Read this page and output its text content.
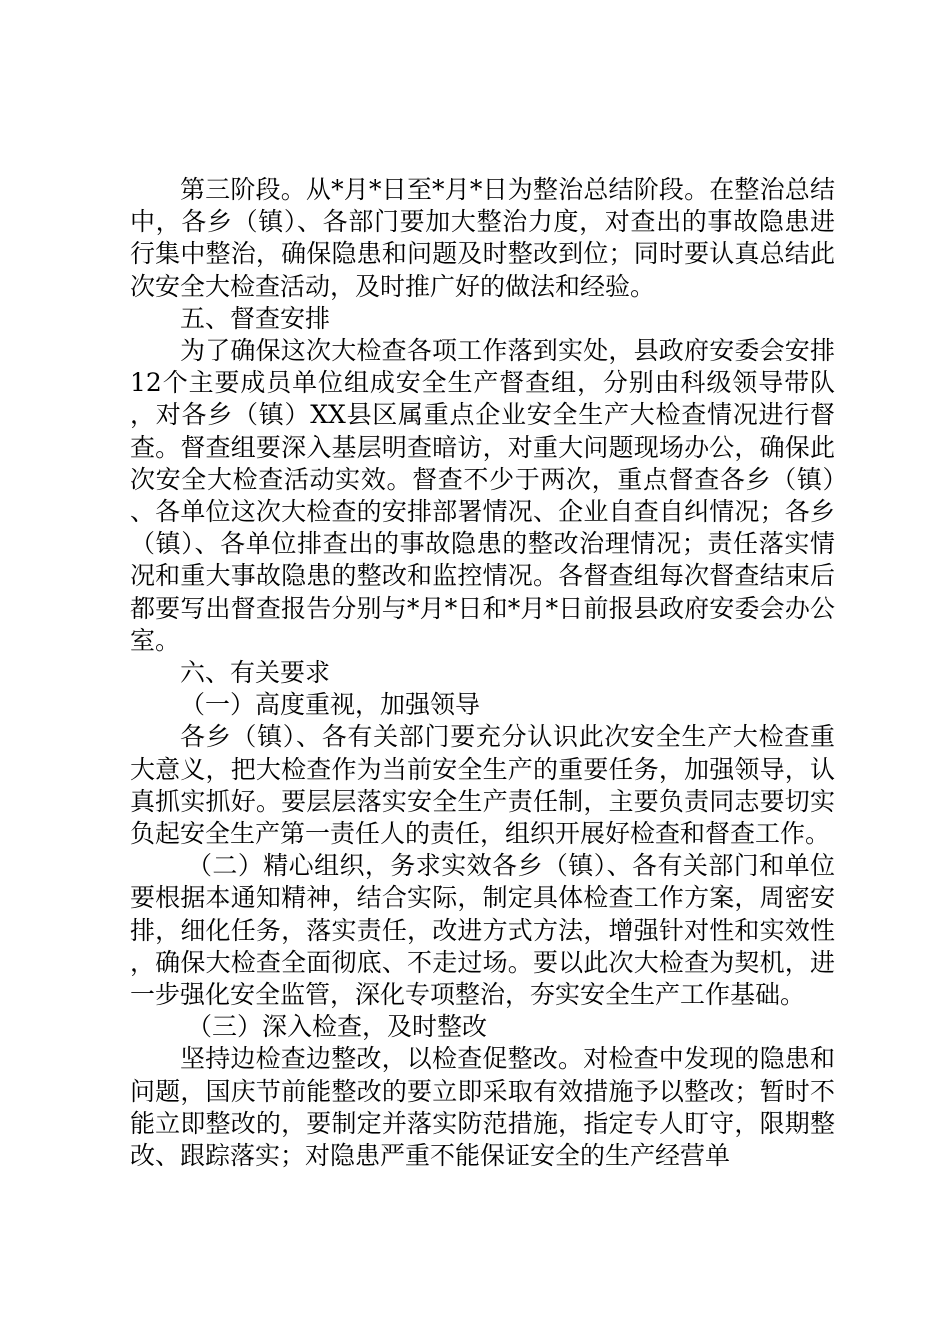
第三阶段。从*月*日至*月*日为整治总结阶段。在整治总结中，各乡（镇）、各部门要加大整治力度，对查出的事故隐患进行集中整治，确保隐患和问题及时整改到位；同时要认真总结此次安全大检查活动，及时推广好的做法和经验。

五、督查安排

为了确保这次大检查各项工作落到实处，县政府安委会安排12个主要成员单位组成安全生产督查组，分别由科级领导带队，对各乡（镇）XX县区属重点企业安全生产大检查情况进行督查。督查组要深入基层明查暗访，对重大问题现场办公，确保此次安全大检查活动实效。督查不少于两次，重点督查各乡（镇）、各单位这次大检查的安排部署情况、企业自查自纠情况；各乡（镇）、各单位排查出的事故隐患的整改治理情况；责任落实情况和重大事故隐患的整改和监控情况。各督查组每次督查结束后都要写出督查报告分别与*月*日和*月*日前报县政府安委会办公室。

六、有关要求

（一）高度重视，加强领导

各乡（镇）、各有关部门要充分认识此次安全生产大检查重大意义，把大检查作为当前安全生产的重要任务，加强领导，认真抓实抓好。要层层落实安全生产责任制，主要负责同志要切实负起安全生产第一责任人的责任，组织开展好检查和督查工作。

（二）精心组织，务求实效各乡（镇）、各有关部门和单位要根据本通知精神，结合实际，制定具体检查工作方案，周密安排，细化任务，落实责任，改进方式方法，增强针对性和实效性，确保大检查全面彻底、不走过场。要以此次大检查为契机，进一步强化安全监管，深化专项整治，夯实安全生产工作基础。

（三）深入检查，及时整改

坚持边检查边整改，以检查促整改。对检查中发现的隐患和问题，国庆节前能整改的要立即采取有效措施予以整改；暂时不能立即整改的，要制定并落实防范措施，指定专人盯守，限期整改、跟踪落实；对隐患严重不能保证安全的生产经营单
